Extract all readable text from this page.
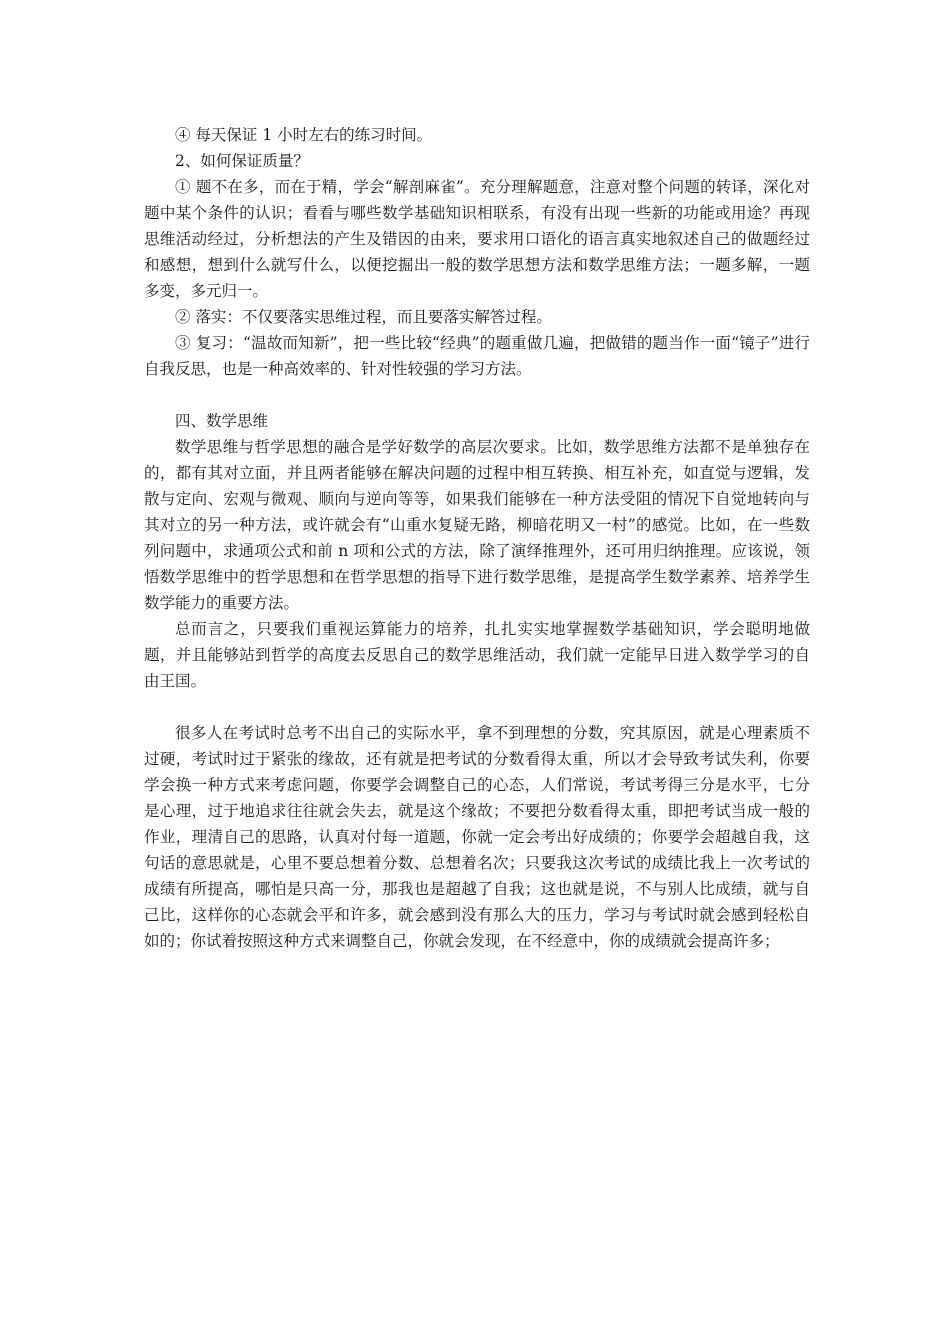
④ 每天保证 1 小时左右的练习时间。

2、如何保证质量？

① 题不在多，而在于精，学会“解剖麻雀”。充分理解题意，注意对整个问题的转译，深化对题中某个条件的认识；看看与哪些数学基础知识相联系，有没有出现一些新的功能或用途？再现思维活动经过，分析想法的产生及错因的由来，要求用口语化的语言真实地叙述自己的做题经过和感想，想到什么就写什么，以便挖掘出一般的数学思想方法和数学思维方法；一题多解，一题多变，多元归一。

② 落实：不仅要落实思维过程，而且要落实解答过程。

③ 复习：“温故而知新”，把一些比较“经典”的题重做几遍，把做错的题当作一面“镜子”进行自我反思，也是一种高效率的、针对性较强的学习方法。

四、数学思维

数学思维与哲学思想的融合是学好数学的高层次要求。比如，数学思维方法都不是单独存在的，都有其对立面，并且两者能够在解决问题的过程中相互转换、相互补充，如直觉与逻辑，发散与定向、宏观与微观、顺向与逆向等等，如果我们能够在一种方法受阻的情况下自觉地转向与其对立的另一种方法，或许就会有“山重水复疑无路，柳暗花明又一村”的感觉。比如，在一些数列问题中，求通项公式和前 n 项和公式的方法，除了演绎推理外，还可用归纳推理。应该说，领悟数学思维中的哲学思想和在哲学思想的指导下进行数学思维，是提高学生数学素养、培养学生数学能力的重要方法。

总而言之，只要我们重视运算能力的培养，扎扎实实地掌握数学基础知识，学会聪明地做题，并且能够站到哲学的高度去反思自己的数学思维活动，我们就一定能早日进入数学学习的自由王国。

很多人在考试时总考不出自己的实际水平，拿不到理想的分数，究其原因，就是心理素质不过硬，考试时过于紧张的缘故，还有就是把考试的分数看得太重，所以才会导致考试失利，你要学会换一种方式来考虑问题，你要学会调整自己的心态，人们常说，考试考得三分是水平，七分是心理，过于地追求往往就会失去，就是这个缘故；不要把分数看得太重，即把考试当成一般的作业，理清自己的思路，认真对付每一道题，你就一定会考出好成绩的；你要学会超越自我，这句话的意思就是，心里不要总想着分数、总想着名次；只要我这次考试的成绩比我上一次考试的成绩有所提高，哪怕是只高一分，那我也是超越了自我；这也就是说，不与别人比成绩，就与自己比，这样你的心态就会平和许多，就会感到没有那么大的压力，学习与考试时就会感到轻松自如的；你试着按照这种方式来调整自己，你就会发现，在不经意中，你的成绩就会提高许多；
